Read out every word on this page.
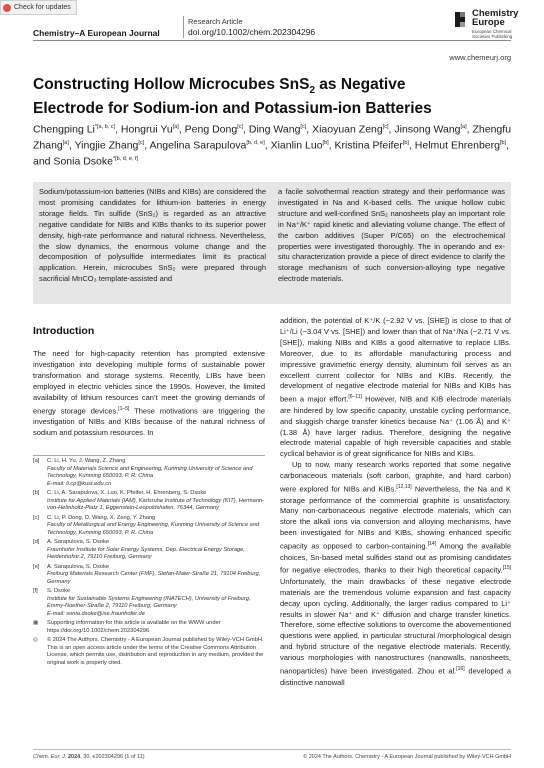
Check for updates
Chemistry–A European Journal
Research Article
doi.org/10.1002/chem.202304296
Chemistry
Europe
European Chemical
Societies Publishing
www.chemeurj.org
Constructing Hollow Microcubes SnS$_2$ as Negative
Electrode for Sodium-ion and Potassium-ion Batteries
Chengping $Li^{*[a, b, c]}$, Hongrui Yu[a], Peng Dong[c], Ding Wang[c], Xiaoyuan Zeng[c], Jinsong Wang[a], Zhengfu Zhang[a], Yingjie Zhang[c], Angelina Sarapulova[b, d, e], Xianlin Luo[b], Kristina Pfeifer[b], Helmut Ehrenberg[b], and Sonia Dsoke$^{*[b, d, e, f]}$
Sodium/potassium-ion batteries (NIBs and KIBs) are considered the most promising candidates for lithium-ion batteries in energy storage fields. Tin sulfide (SnS₂) is regarded as an attractive negative candidate for NIBs and KIBs thanks to its superior power density, high-rate performance and natural richness. Nevertheless, the slow dynamics, the enormous volume change and the decomposition of polysulfide intermediates limit its practical application. Herein, microcubes SnS₂ were prepared through sacrificial MnCO₃ template-assisted and
a facile solvothermal reaction strategy and their performance was investigated in Na and K-based cells. The unique hollow cubic structure and well-confined SnS₂ nanosheets play an important role in Na⁺/K⁺ rapid kinetic and alleviating volume change. The effect of the carbon additives (Super P/C65) on the electrochemical properties were investigated thoroughly. The in operando and ex-situ characterization provide a piece of direct evidence to clarify the storage mechanism of such conversion-alloying type negative electrode materials.
Introduction

The need for high-capacity retention has prompted extensive investigation into developing multiple forms of sustainable power transformation and storage systems. Recently, LIBs have been employed in electric vehicles since the 1990s. However, the limited availability of lithium resources can’t meet the growing demands of energy storage devices.[1–5] These motivations are triggering the investigation of NIBs and KIBs because of the natural richness of sodium and potassium resources. In

[a]	C. Li, H. Yu, J. Wang, Z. Zhang
Faculty of Materials Science and Engineering, Kunming University of Science and Technology, Kunming 650093, P. R. China
E-mail: li.cp@kust.edu.cn
[b]	C. Li, A. Sarapulova, X. Luo, K. Pfeifer, H. Ehrenberg, S. Dsoke
Institute for Applied Materials (IAM), Karlsruhe Institute of Technology (KIT), Hermann-von-Helmholtz-Platz 1, Eggenstein-Leopoldshafen, 76344, Germany
[c]	C. Li, P. Dong, D. Wang, X. Zeng, Y. Zhang
Faculty of Metallurgical and Energy Engineering, Kunming University of Science and Technology, Kunming 650093, P. R. China
[d]	A. Sarapulova, S. Dsoke
Fraunhofer Institute for Solar Energy Systems, Dep. Electrical Energy Storage, Heidenhofstr.2, 79110 Freiburg, Germany
[e]	A. Sarapulova, S. Dsoke
Freiburg Materials Research Center (FMF), Stefan-Maier-Straße 21, 79104 Freiburg, Germany
[f]	S. Dsoke
Institute for Sustainable Systems Engineering (INATECH), University of Freiburg, Emmy-Noether-Straße 2, 79110 Freiburg, Germany
E-mail: sonia.dsoke@ise.fraunhofer.de
▦	Supporting information for this article is available on the WWW under https://doi.org/10.1002/chem.202304296
◎	© 2024 The Authors. Chemistry - A European Journal published by Wiley-VCH GmbH. This is an open access article under the terms of the Creative Commons Attribution License, which permits use, distribution and reproduction in any medium, provided the original work is properly cited.

addition, the potential of K⁺/K (−2.92 V vs. [SHE]) is close to that of Li⁺/Li (−3.04 V vs. [SHE]) and lower than that of Na⁺/Na (−2.71 V vs. [SHE]), making NIBs and KIBs a good alternative to replace LIBs. Moreover, due to its affordable manufacturing process and impressive gravimetric energy density, aluminum foil serves as an excellent current collector for NIBs and KIBs. Recently, the development of negative electrode material for NIBs and KIBs has been a major effort.[6–11] However, NIB and KIB electrode materials are hindered by low specific capacity, unstable cycling performance, and sluggish charge transfer kinetics because Na⁺ (1.06 Å) and K⁺ (1.38 Å) have larger radius. Therefore, designing the negative electrode material capable of high reversible capacities and stable cyclical behavior is of great significance for NIBs and KIBs.

Up to now, many research works reported that some negative carbonaceous materials (soft carbon, graphite, and hard carbon) were explored for NIBs and KIBs.[12,13] Nevertheless, the Na and K storage performance of the commercial graphite is unsatisfactory. Many non-carbonaceous negative electrode materials, which can store the alkali ions via conversion and alloying mechanisms, have been investigated for NIBs and KIBs, showing enhanced specific capacity as opposed to carbon-containing.[14] Among the available choices, Sn-based metal sulfides stand out as promising candidates for negative electrodes, thanks to their high theoretical capacity.[15] Unfortunately, the main drawbacks of these negative electrode materials are the tremendous volume expansion and fast capacity decay upon cycling. Additionally, the larger radius compared to Li⁺ results in slower Na⁺ and K⁺ diffusion and charge transfer kinetics. Therefore, some effective solutions to overcome the abovementioned questions were applied, in particular structural /morphological design and hybrid structure of the negative electrode materials. Recently, various morphologies with nanostructures (nanowalls, nanosheets, nanoparticles) have been investigated. Zhou et al.[16] developed a distinctive nanowall

Chem. Eur. J. 2024, 30, e202304296 (1 of 11)	© 2024 The Authors. Chemistry - A European Journal published by Wiley-VCH GmbH
